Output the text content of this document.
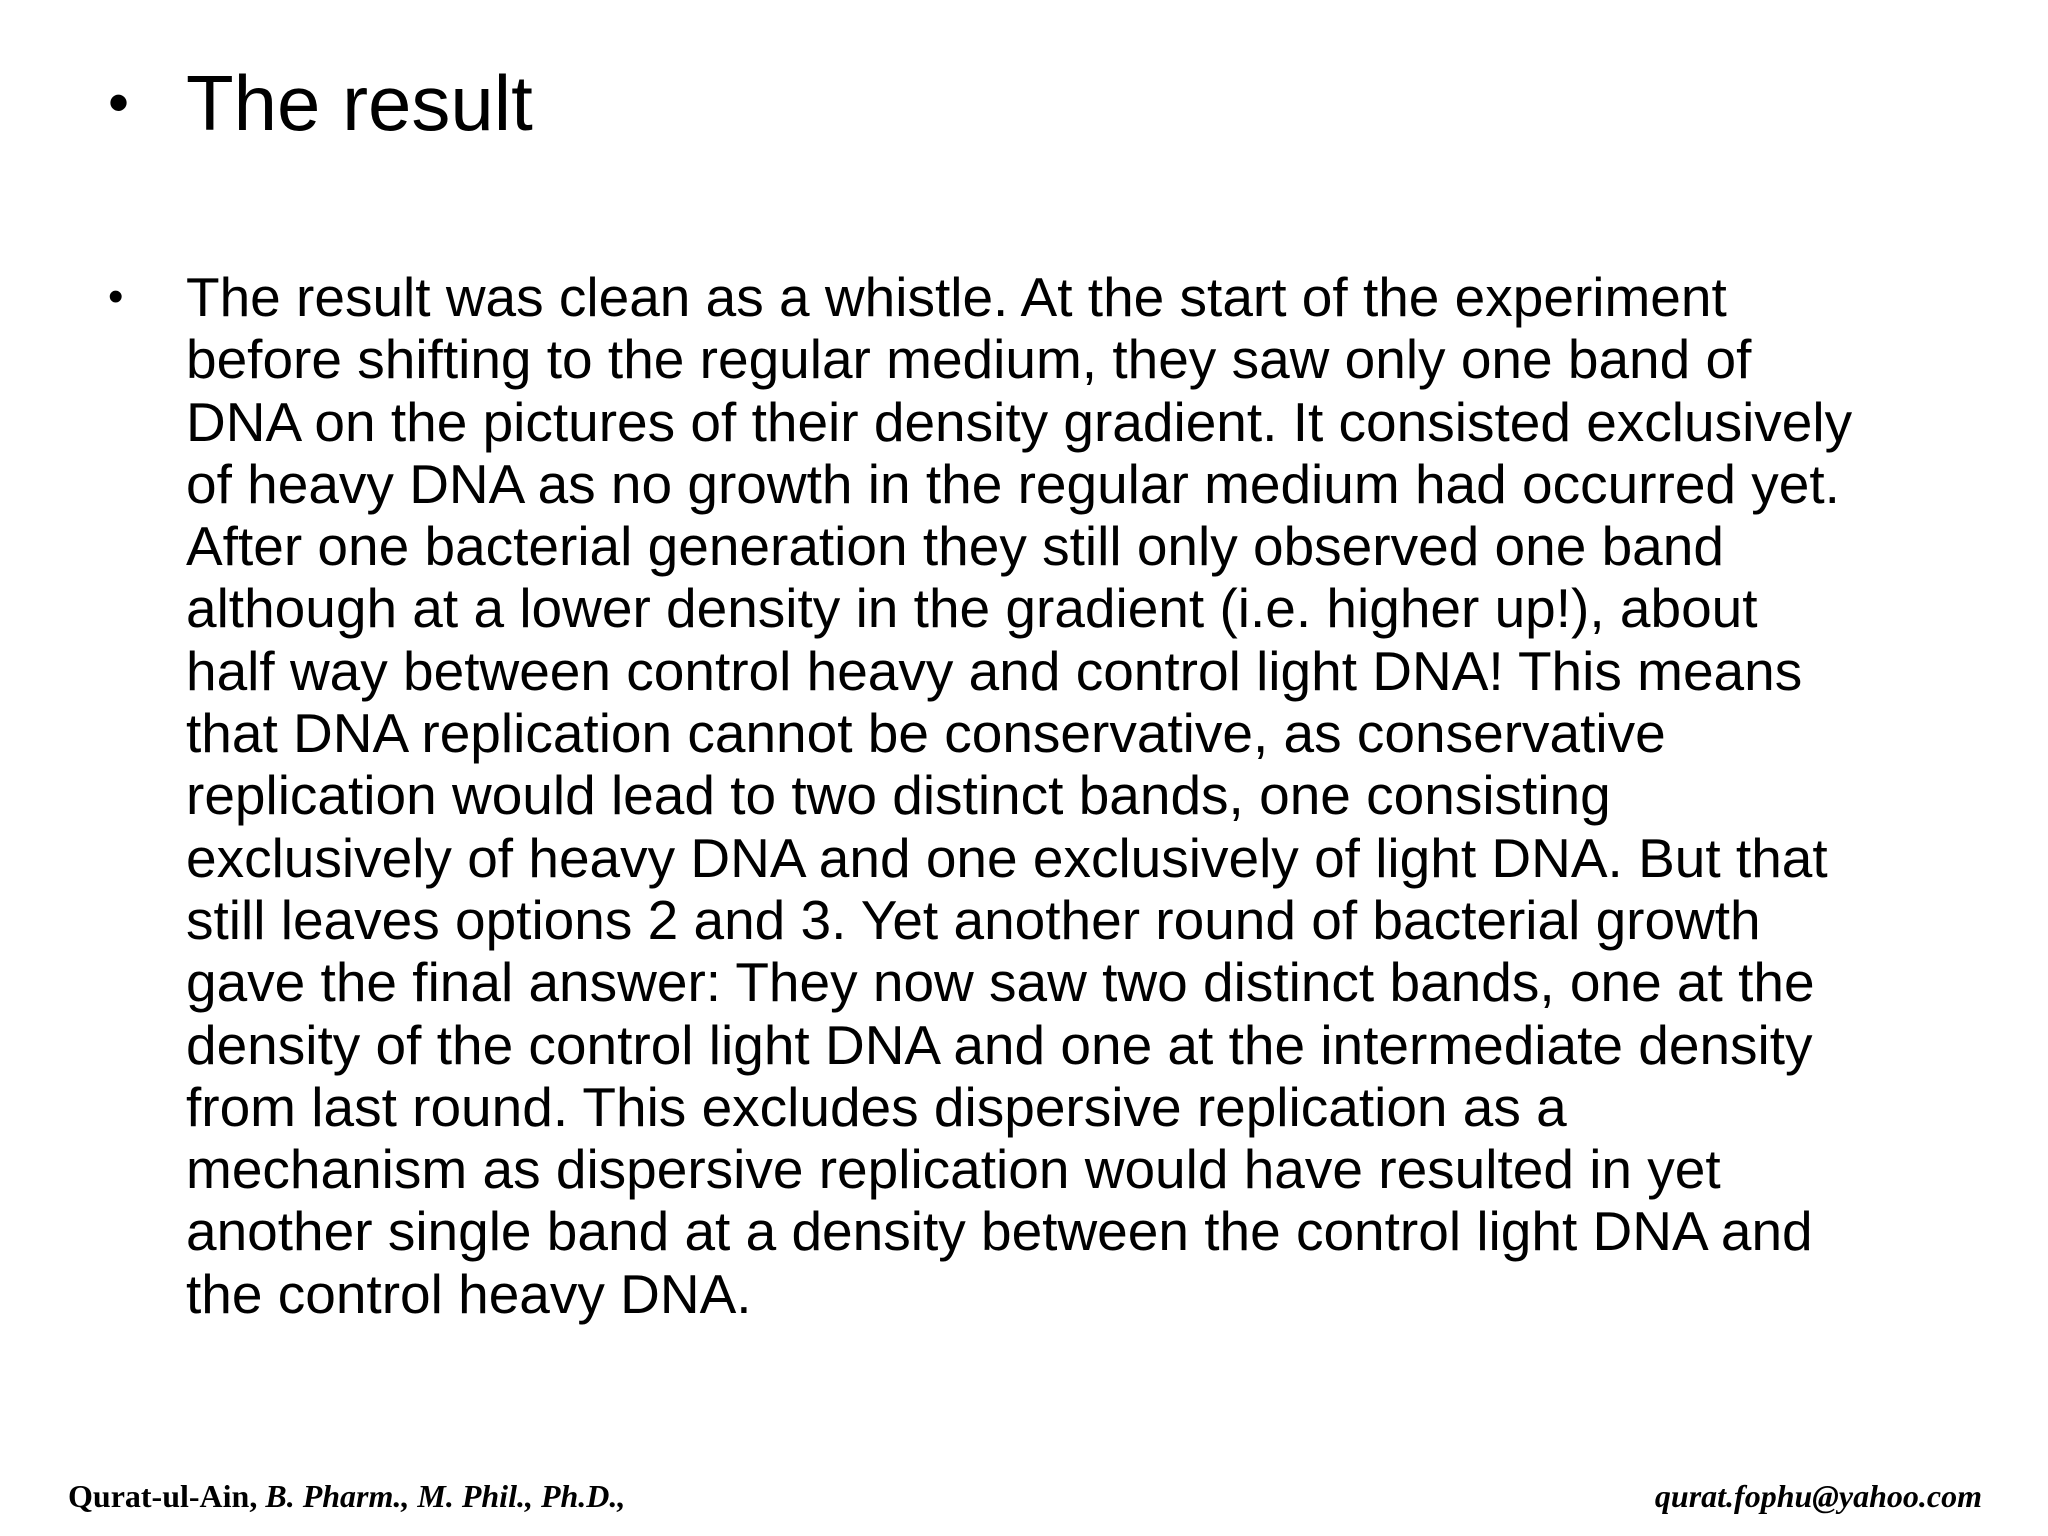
• The result
•	The result was clean as a whistle. At the start of the experiment
before shifting to the regular medium, they saw only one band of
DNA on the pictures of their density gradient. It consisted exclusively
of heavy DNA as no growth in the regular medium had occurred yet.
After one bacterial generation they still only observed one band
although at a lower density in the gradient (i.e. higher up!), about
half way between control heavy and control light DNA! This means
that DNA replication cannot be conservative, as conservative
replication would lead to two distinct bands, one consisting
exclusively of heavy DNA and one exclusively of light DNA. But that
still leaves options 2 and 3. Yet another round of bacterial growth
gave the final answer: They now saw two distinct bands, one at the
density of the control light DNA and one at the intermediate density
from last round. This excludes dispersive replication as a
mechanism as dispersive replication would have resulted in yet
another single band at a density between the control light DNA and
the control heavy DNA.

Qurat-ul-Ain, B. Pharm., M. Phil., Ph.D.,	qurat.fophu@yahoo.com
